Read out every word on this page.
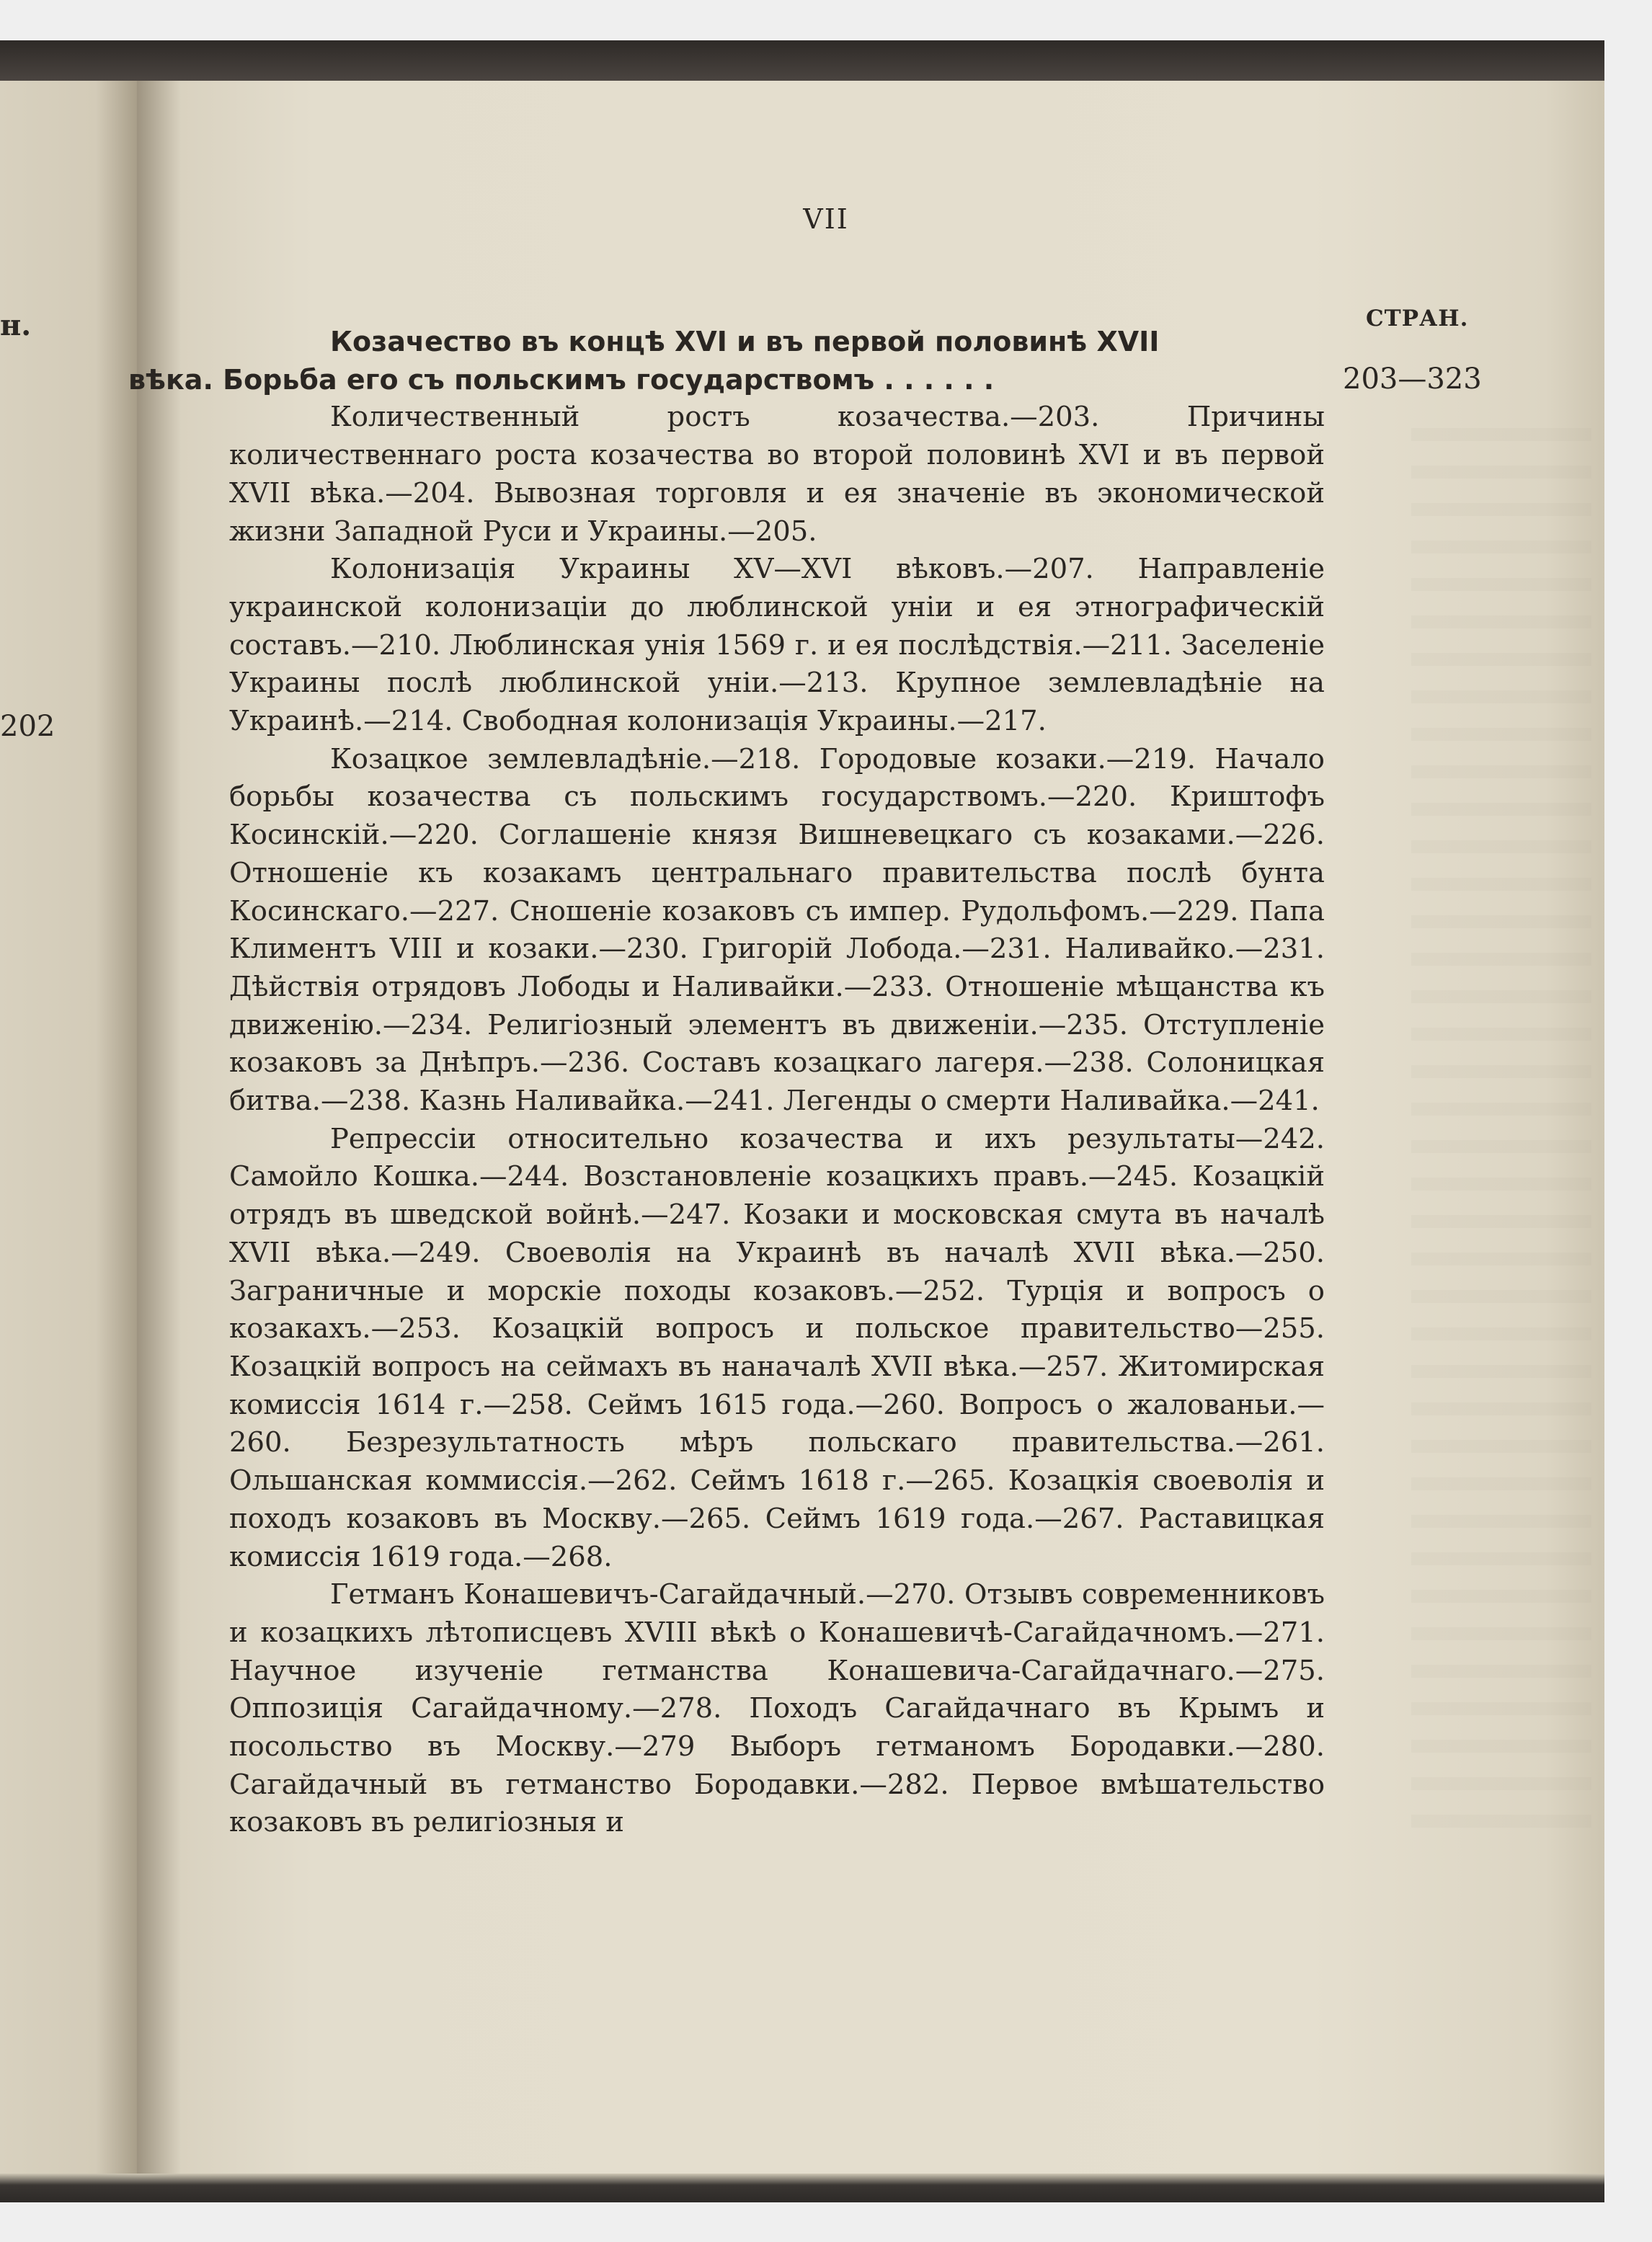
н.
202
VII
СТРАН.
Козачество въ концѣ XVI и въ первой половинѣ XVII
вѣка. Борьба его съ польскимъ государствомъ . . . . . .

Количественный ростъ козачества.—203. Причины количественнаго роста козачества во второй половинѣ XVI и въ первой XVII вѣка.—204. Вывозная торговля и ея значеніе въ экономической жизни Западной Руси и Украины.—205.

Колонизація Украины XV—XVI вѣковъ.—207. Направленіе украинской колонизаціи до люблинской уніи и ея этнографическій составъ.—210. Люблинская унія 1569 г. и ея послѣдствія.—211. Заселеніе Украины послѣ люблинской уніи.—213. Крупное землевладѣніе на Украинѣ.—214. Свободная колонизація Украины.—217.

Козацкое землевладѣніе.—218. Городовые козаки.—219. Начало борьбы козачества съ польскимъ государствомъ.—220. Криштофъ Косинскій.—220. Соглашеніе князя Вишневецкаго съ козаками.—226. Отношеніе къ козакамъ центральнаго правительства послѣ бунта Косинскаго.—227. Сношеніе козаковъ съ импер. Рудольфомъ.—229. Папа Климентъ VIII и козаки.—230. Григорій Лобода.—231. Наливайко.—231. Дѣйствія отрядовъ Лободы и Наливайки.—233. Отношеніе мѣщанства къ движенію.—234. Религіозный элементъ въ движеніи.—235. Отступленіе козаковъ за Днѣпръ.—236. Составъ козацкаго лагеря.—238. Солоницкая битва.—238. Казнь Наливайка.—241. Легенды о смерти Наливайка.—241.

Репрессіи относительно козачества и ихъ результаты—242. Самойло Кошка.—244. Возстановленіе козацкихъ правъ.—245. Козацкій отрядъ въ шведской войнѣ.—247. Козаки и московская смута въ началѣ XVII вѣка.—249. Своеволія на Украинѣ въ началѣ XVII вѣка.—250. Заграничные и морскіе походы козаковъ.—252. Турція и вопросъ о козакахъ.—253. Козацкій вопросъ и польское правительство—255. Козацкій вопросъ на сеймахъ въ наначалѣ XVII вѣка.—257. Житомирская комиссія 1614 г.—258. Сеймъ 1615 года.—260. Вопросъ о жалованьи.—260. Безрезультатность мѣръ польскаго правительства.—261. Ольшанская коммиссія.—262. Сеймъ 1618 г.—265. Козацкія своеволія и походъ козаковъ въ Москву.—265. Сеймъ 1619 года.—267. Раставицкая комиссія 1619 года.—268.

Гетманъ Конашевичъ-Сагайдачный.—270. Отзывъ современниковъ и козацкихъ лѣтописцевъ XVIII вѣкѣ о Конашевичѣ-Сагайдачномъ.—271. Научное изученіе гетманства Конашевича-Сагайдачнаго.—275. Оппозиція Сагайдачному.—278. Походъ Сагайдачнаго въ Крымъ и посольство въ Москву.—279 Выборъ гетманомъ Бородавки.—280. Сагайдачный въ гетманство Бородавки.—282. Первое вмѣшательство козаковъ въ религіозныя и

203—323
